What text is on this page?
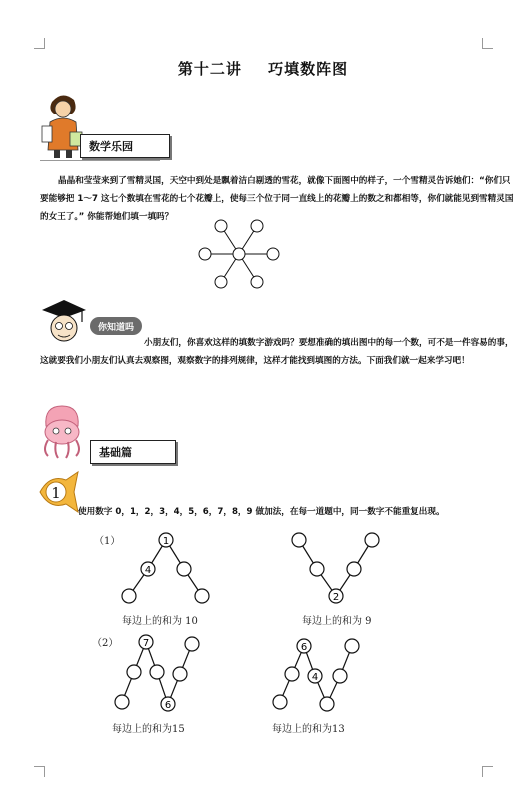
第十二讲 巧填数阵图
数学乐园
晶晶和莹莹来到了雪精灵国，天空中到处是飘着洁白剔透的雪花，就像下面图中的样子，一个雪精灵告诉她们：“你们只要能够把 1～7 这七个数填在雪花的七个花瓣上，使每三个位于同一直线上的花瓣上的数之和都相等，你们就能见到雪精灵国的女王了。” 你能帮她们填一填吗？
你知道吗
小朋友们，你喜欢这样的填数字游戏吗？要想准确的填出图中的每一个数，可不是一件容易的事，这就要我们小朋友们认真去观察图，观察数字的排列规律，这样才能找到填图的方法。下面我们就一起来学习吧！
基础篇
1
使用数字 0，1，2，3，4，5，6，7，8，9 做加法，在每一道题中，同一数字不能重复出现。
（1）
（2）
1
4
每边上的和为 10
2
每边上的和为 9
7
6
每边上的和为15
6
4
每边上的和为13
